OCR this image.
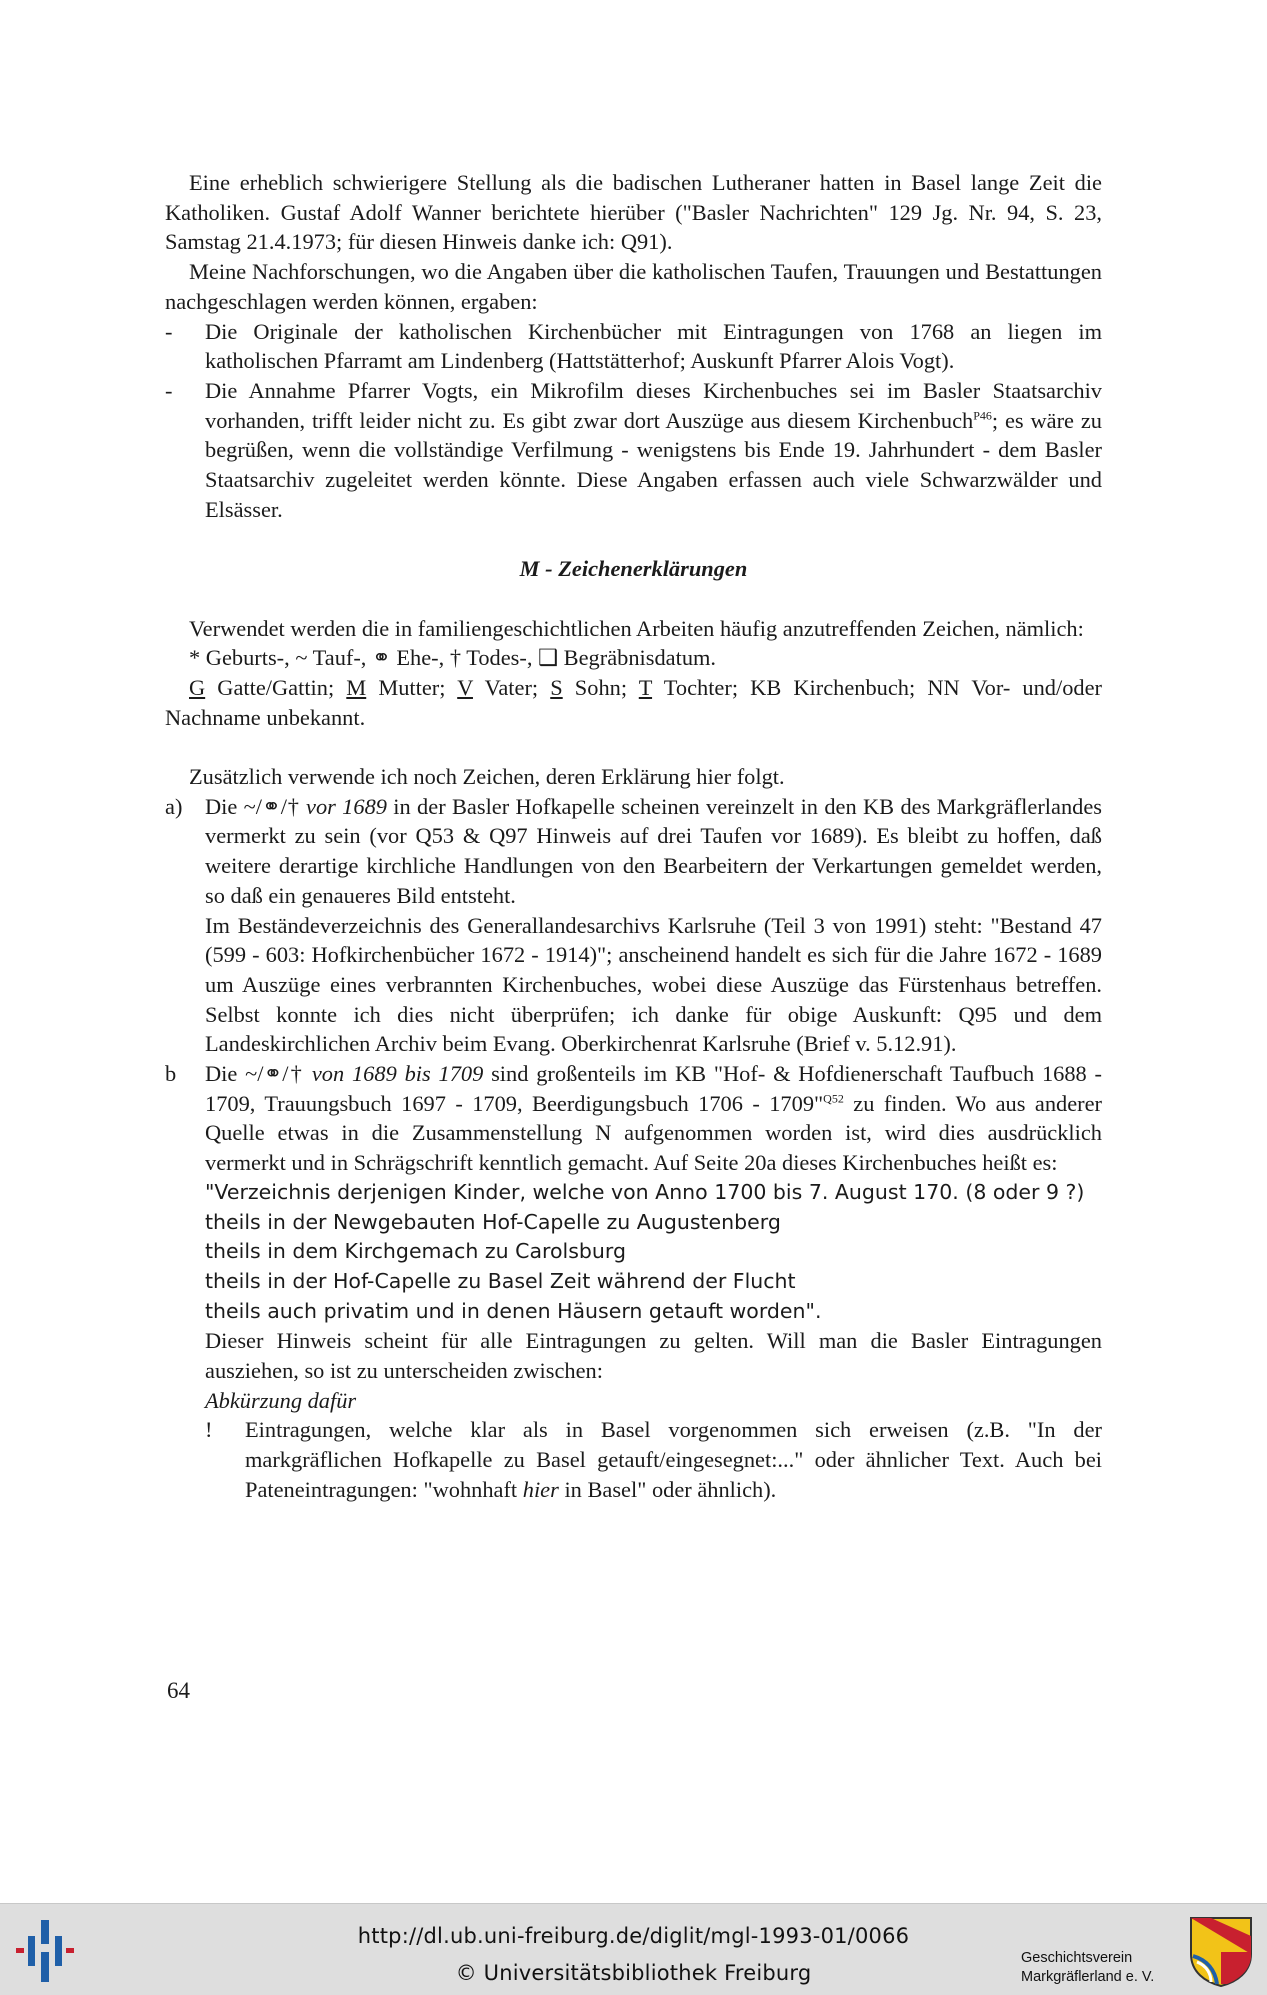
Eine erheblich schwierigere Stellung als die badischen Lutheraner hatten in Basel lange Zeit die Katholiken. Gustaf Adolf Wanner berichtete hierüber ("Basler Nachrichten" 129 Jg. Nr. 94, S. 23, Samstag 21.4.1973; für diesen Hinweis danke ich: Q91).

Meine Nachforschungen, wo die Angaben über die katholischen Taufen, Trauungen und Bestattungen nachgeschlagen werden können, ergaben:

- Die Originale der katholischen Kirchenbücher mit Eintragungen von 1768 an liegen im katholischen Pfarramt am Lindenberg (Hattstätterhof; Auskunft Pfarrer Alois Vogt).

- Die Annahme Pfarrer Vogts, ein Mikrofilm dieses Kirchenbuches sei im Basler Staatsarchiv vorhanden, trifft leider nicht zu. Es gibt zwar dort Auszüge aus diesem Kirchenbuch$^{P46}$; es wäre zu begrüßen, wenn die vollständige Verfilmung - wenigstens bis Ende 19. Jahrhundert - dem Basler Staatsarchiv zugeleitet werden könnte. Diese Angaben erfassen auch viele Schwarzwälder und Elsässer.

M - Zeichenerklärungen

Verwendet werden die in familiengeschichtlichen Arbeiten häufig anzutreffenden Zeichen, nämlich:

* Geburts-, ~ Tauf-, ⚭ Ehe-, † Todes-, ❑ Begräbnisdatum.

G Gatte/Gattin; M Mutter; V Vater; S Sohn; T Tochter; KB Kirchenbuch; NN Vor- und/oder Nachname unbekannt.

Zusätzlich verwende ich noch Zeichen, deren Erklärung hier folgt.

a) Die ~/⚭/† vor 1689 in der Basler Hofkapelle scheinen vereinzelt in den KB des Markgräflerlandes vermerkt zu sein (vor Q53 & Q97 Hinweis auf drei Taufen vor 1689). Es bleibt zu hoffen, daß weitere derartige kirchliche Handlungen von den Bearbeitern der Verkartungen gemeldet werden, so daß ein genaueres Bild entsteht.

Im Beständeverzeichnis des Generallandesarchivs Karlsruhe (Teil 3 von 1991) steht: "Bestand 47 (599 - 603: Hofkirchenbücher 1672 - 1914)"; anscheinend handelt es sich für die Jahre 1672 - 1689 um Auszüge eines verbrannten Kirchenbuches, wobei diese Auszüge das Fürstenhaus betreffen. Selbst konnte ich dies nicht überprüfen; ich danke für obige Auskunft: Q95 und dem Landeskirchlichen Archiv beim Evang. Oberkirchenrat Karlsruhe (Brief v. 5.12.91).

b Die ~/⚭/† von 1689 bis 1709 sind großenteils im KB "Hof- & Hofdienerschaft Taufbuch 1688 - 1709, Trauungsbuch 1697 - 1709, Beerdigungsbuch 1706 - 1709"$^{Q52}$ zu finden. Wo aus anderer Quelle etwas in die Zusammenstellung N aufgenommen worden ist, wird dies ausdrücklich vermerkt und in Schrägschrift kenntlich gemacht. Auf Seite 20a dieses Kirchenbuches heißt es:

"Verzeichnis derjenigen Kinder, welche von Anno 1700 bis 7. August 170. (8 oder 9 ?)
theils in der Newgebauten Hof-Capelle zu Augustenberg
theils in dem Kirchgemach zu Carolsburg
theils in der Hof-Capelle zu Basel Zeit während der Flucht
theils auch privatim und in denen Häusern getauft worden".

Dieser Hinweis scheint für alle Eintragungen zu gelten. Will man die Basler Eintragungen ausziehen, so ist zu unterscheiden zwischen:

Abkürzung dafür

! Eintragungen, welche klar als in Basel vorgenommen sich erweisen (z.B. "In der markgräflichen Hofkapelle zu Basel getauft/eingesegnet:..." oder ähnlicher Text. Auch bei Pateneintragungen: "wohnhaft hier in Basel" oder ähnlich).

64
http://dl.ub.uni-freiburg.de/diglit/mgl-1993-01/0066
© Universitätsbibliothek Freiburg
Geschichtsverein
Markgräflerland e. V.
